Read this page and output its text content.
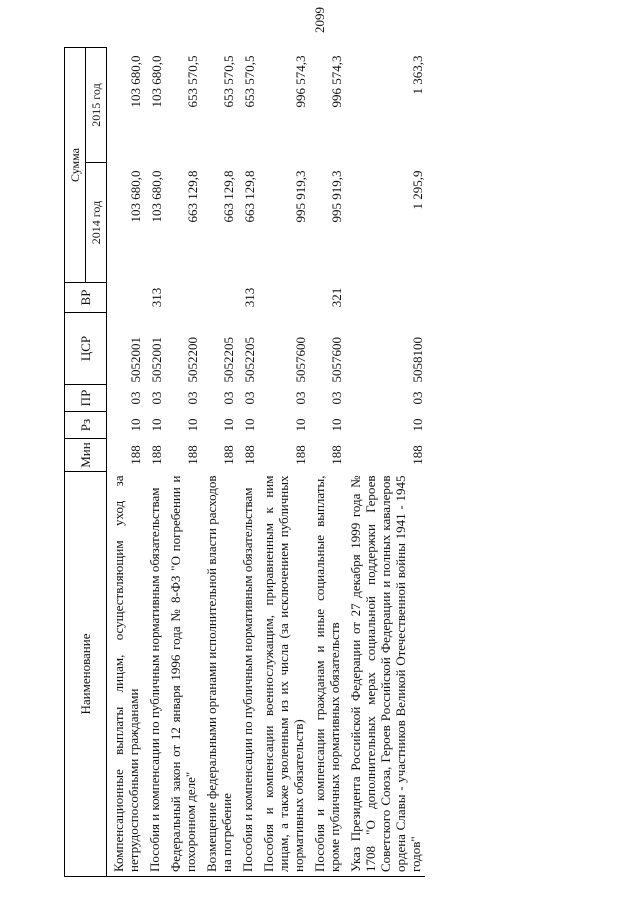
2099
Наименование	Мин	Рз	ПР	ЦСР	ВР	Сумма	
						2014 год	2015 год
Компенсационные выплаты лицам, осуществляющим уход за нетрудоспособными гражданами	188	10	03	5052001		103 680,0	103 680,0
Пособия и компенсации по публичным нормативным обязательствам	188	10	03	5052001	313	103 680,0	103 680,0
Федеральный закон от 12 января 1996 года № 8-ФЗ "О погребении и похоронном деле"	188	10	03	5052200		663 129,8	653 570,5
Возмещение федеральными органами исполнительной власти расходов на погребение	188	10	03	5052205		663 129,8	653 570,5
Пособия и компенсации по публичным нормативным обязательствам	188	10	03	5052205	313	663 129,8	653 570,5
Пособия и компенсации военнослужащим, приравненным к ним лицам, а также уволенным из их числа (за исключением публичных нормативных обязательств)	188	10	03	5057600		995 919,3	996 574,3
Пособия и компенсации гражданам и иные социальные выплаты, кроме публичных нормативных обязательств	188	10	03	5057600	321	995 919,3	996 574,3
Указ Президента Российской Федерации от 27 декабря 1999 года № 1708 "О дополнительных мерах социальной поддержки Героев Советского Союза, Героев Российской Федерации и полных кавалеров ордена Славы - участников Великой Отечественной войны 1941 - 1945 годов"	188	10	03	5058100		1 295,9	1 363,3
